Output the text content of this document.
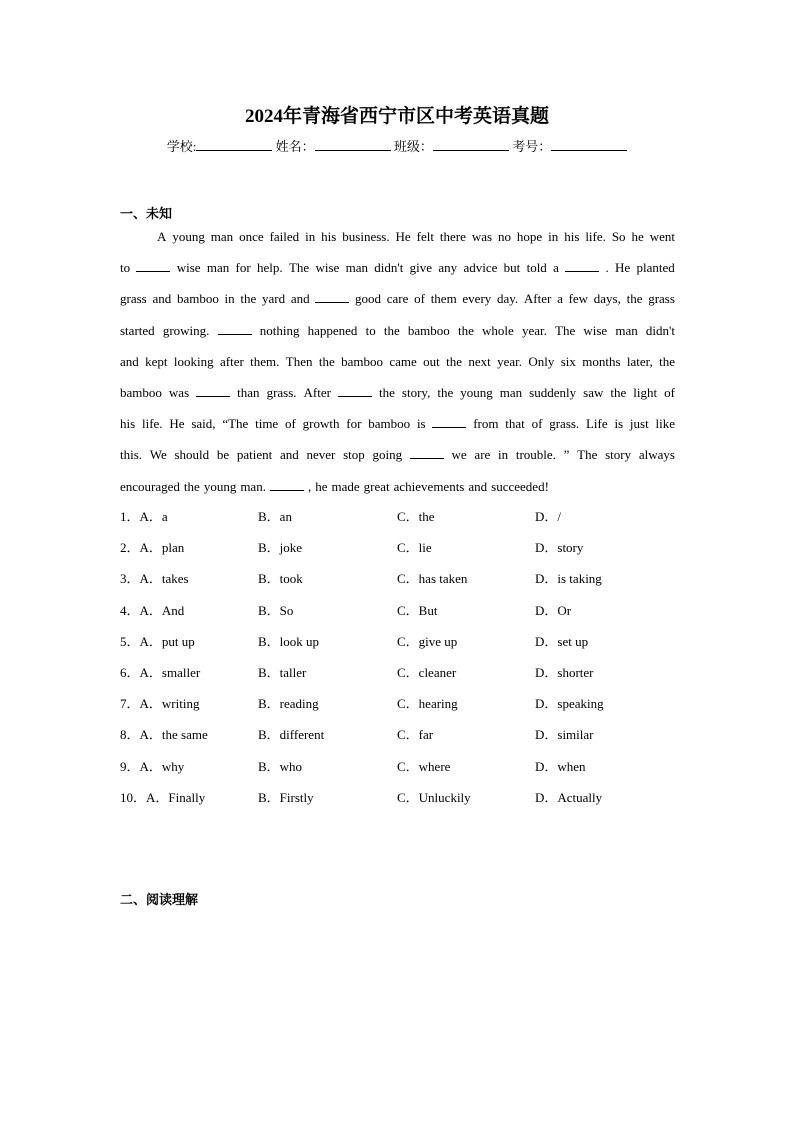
2024年青海省西宁市区中考英语真题
学校:	姓名：	班级：	考号：
一、未知
A young man once failed in his business. He felt there was no hope in his life. So he went
to	wise man for help. The wise man didn't give any advice but told a	. He planted
grass and bamboo in the yard and	good care of them every day. After a few days, the grass
started growing.	nothing happened to the bamboo the whole year. The wise man didn't
and kept looking after them. Then the bamboo came out the next year. Only six months later, the
bamboo was	than grass. After	the story, the young man suddenly saw the light of
his life. He said, “The time of growth for bamboo is	from that of grass. Life is just like
this. We should be patient and never stop going	we are in trouble. ” The story always
encouraged the young man.	, he made great achievements and succeeded!
1．A．a	B．an	C．the	D．/
2．A．plan	B．joke	C．lie	D．story
3．A．takes	B．took	C．has taken	D．is taking
4．A．And	B．So	C．But	D．Or
5．A．put up	B．look up	C．give up	D．set up
6．A．smaller	B．taller	C．cleaner	D．shorter
7．A．writing	B．reading	C．hearing	D．speaking
8．A．the same	B．different	C．far	D．similar
9．A．why	B．who	C．where	D．when
10．A．Finally	B．Firstly	C．Unluckily	D．Actually
二、阅读理解
